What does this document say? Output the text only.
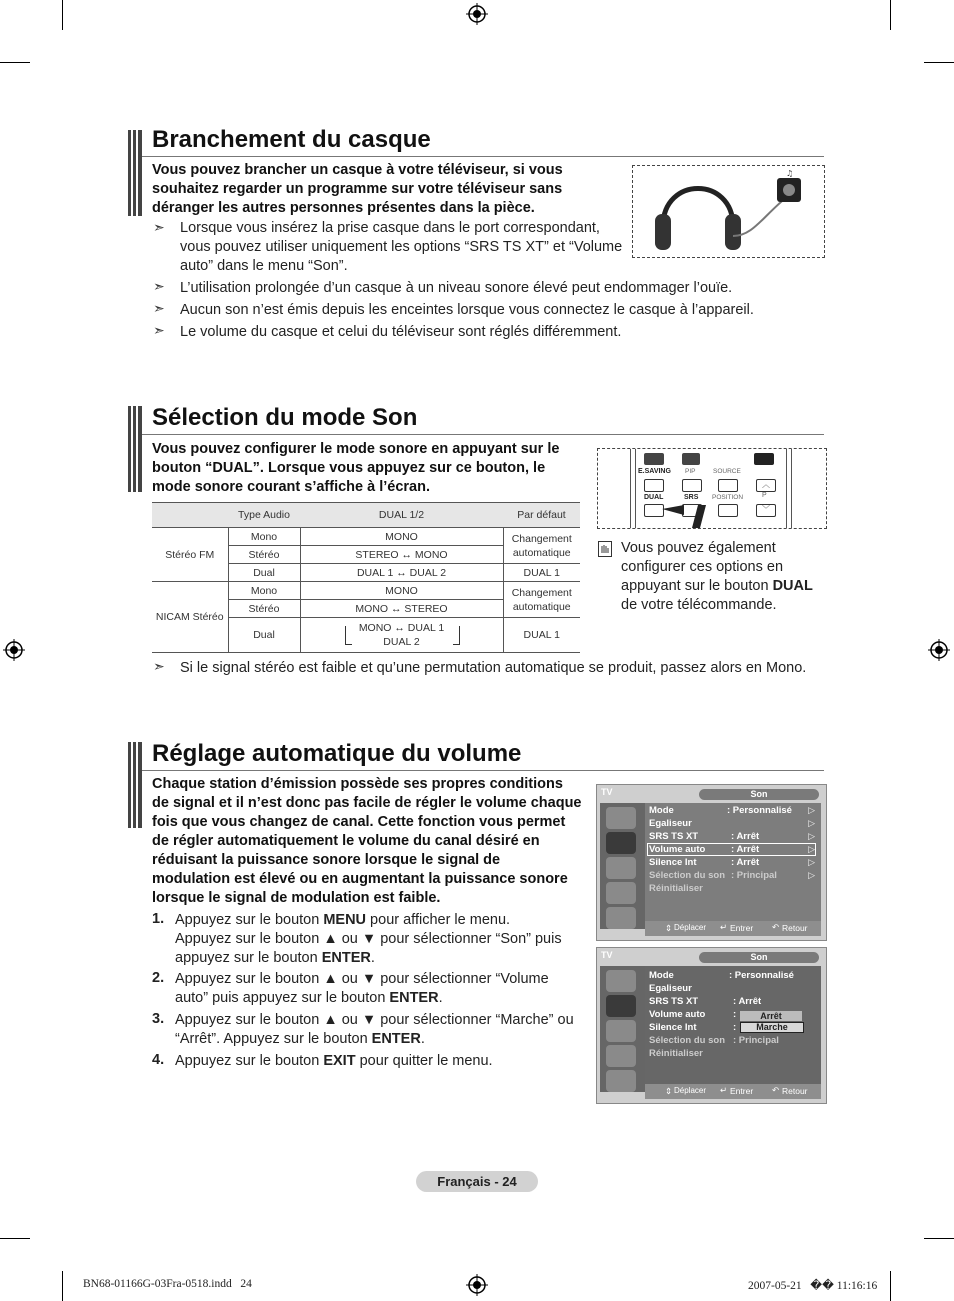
Branchement du casque
Vous pouvez brancher un casque à votre téléviseur, si vous souhaitez regarder un programme sur votre téléviseur sans déranger les autres personnes présentes dans la pièce.
♫
➣ Lorsque vous insérez la prise casque dans le port correspondant, vous pouvez utiliser uniquement les options “SRS TS XT” et “Volume auto” dans le menu “Son”.
➣ L’utilisation prolongée d’un casque à un niveau sonore élevé peut endommager l’ouïe.
➣ Aucun son n’est émis depuis les enceintes lorsque vous connectez le casque à l’appareil.
➣ Le volume du casque et celui du téléviseur sont réglés différemment.
Sélection du mode Son
Vous pouvez configurer le mode sonore en appuyant sur le bouton “DUAL”. Lorsque vous appuyez sur ce bouton, le mode sonore courant s’affiche à l’écran.
	Type Audio	DUAL 1/2	Par défaut
Stéréo FM	Mono	MONO	Changement
automatique
	Stéréo	STEREO ↔ MONO	
	Dual	DUAL 1 ↔ DUAL 2	DUAL 1
NICAM Stéréo	Mono	MONO	Changement
automatique
	Stéréo	MONO ↔ STEREO	
	Dual	MONO ↔ DUAL 1
DUAL 2	DUAL 1
E.SAVING PIP	SOURCE
︿
DUAL	SRS POSITION	P
﹀
Vous pouvez également configurer ces options en appuyant sur le bouton DUAL de votre télécommande.
➣ Si le signal stéréo est faible et qu’une permutation automatique se produit, passez alors en Mono.
Réglage automatique du volume
Chaque station d’émission possède ses propres conditions de signal et il n’est donc pas facile de régler le volume chaque fois que vous changez de canal. Cette fonction vous permet de régler automatiquement le volume du canal désiré en réduisant la puissance sonore lorsque le signal de modulation est élevé ou en augmentant la puissance sonore lorsque le signal de modulation est faible.
1. Appuyez sur le bouton MENU pour afficher le menu.
Appuyez sur le bouton ▲ ou ▼ pour sélectionner “Son” puis appuyez sur le bouton ENTER.
2. Appuyez sur le bouton ▲ ou ▼ pour sélectionner “Volume auto” puis appuyez sur le bouton ENTER.
3. Appuyez sur le bouton ▲ ou ▼ pour sélectionner “Marche” ou “Arrêt”. Appuyez sur le bouton ENTER.
4. Appuyez sur le bouton EXIT pour quitter le menu.
TV	Son
Mode	: Personnalisé ▷
Egaliseur	▷
SRS TS XT	: Arrêt	▷
Volume auto	: Arrêt	▷
Silence Int	: Arrêt	▷
Sélection du son : Principal	▷
Réinitialiser
⇕ Déplacer ↵ Entrer ↶ Retour
TV	Son
Mode	: Personnalisé
Egaliseur
SRS TS XT	: Arrêt
Volume auto	:
Silence Int	:
Sélection du son : Principal
Réinitialiser
Arrêt
Marche
⇕ Déplacer ↵ Entrer ↶ Retour
Français - 24
BN68-01166G-03Fra-0518.indd   24	2007-05-21   �� 11:16:16
